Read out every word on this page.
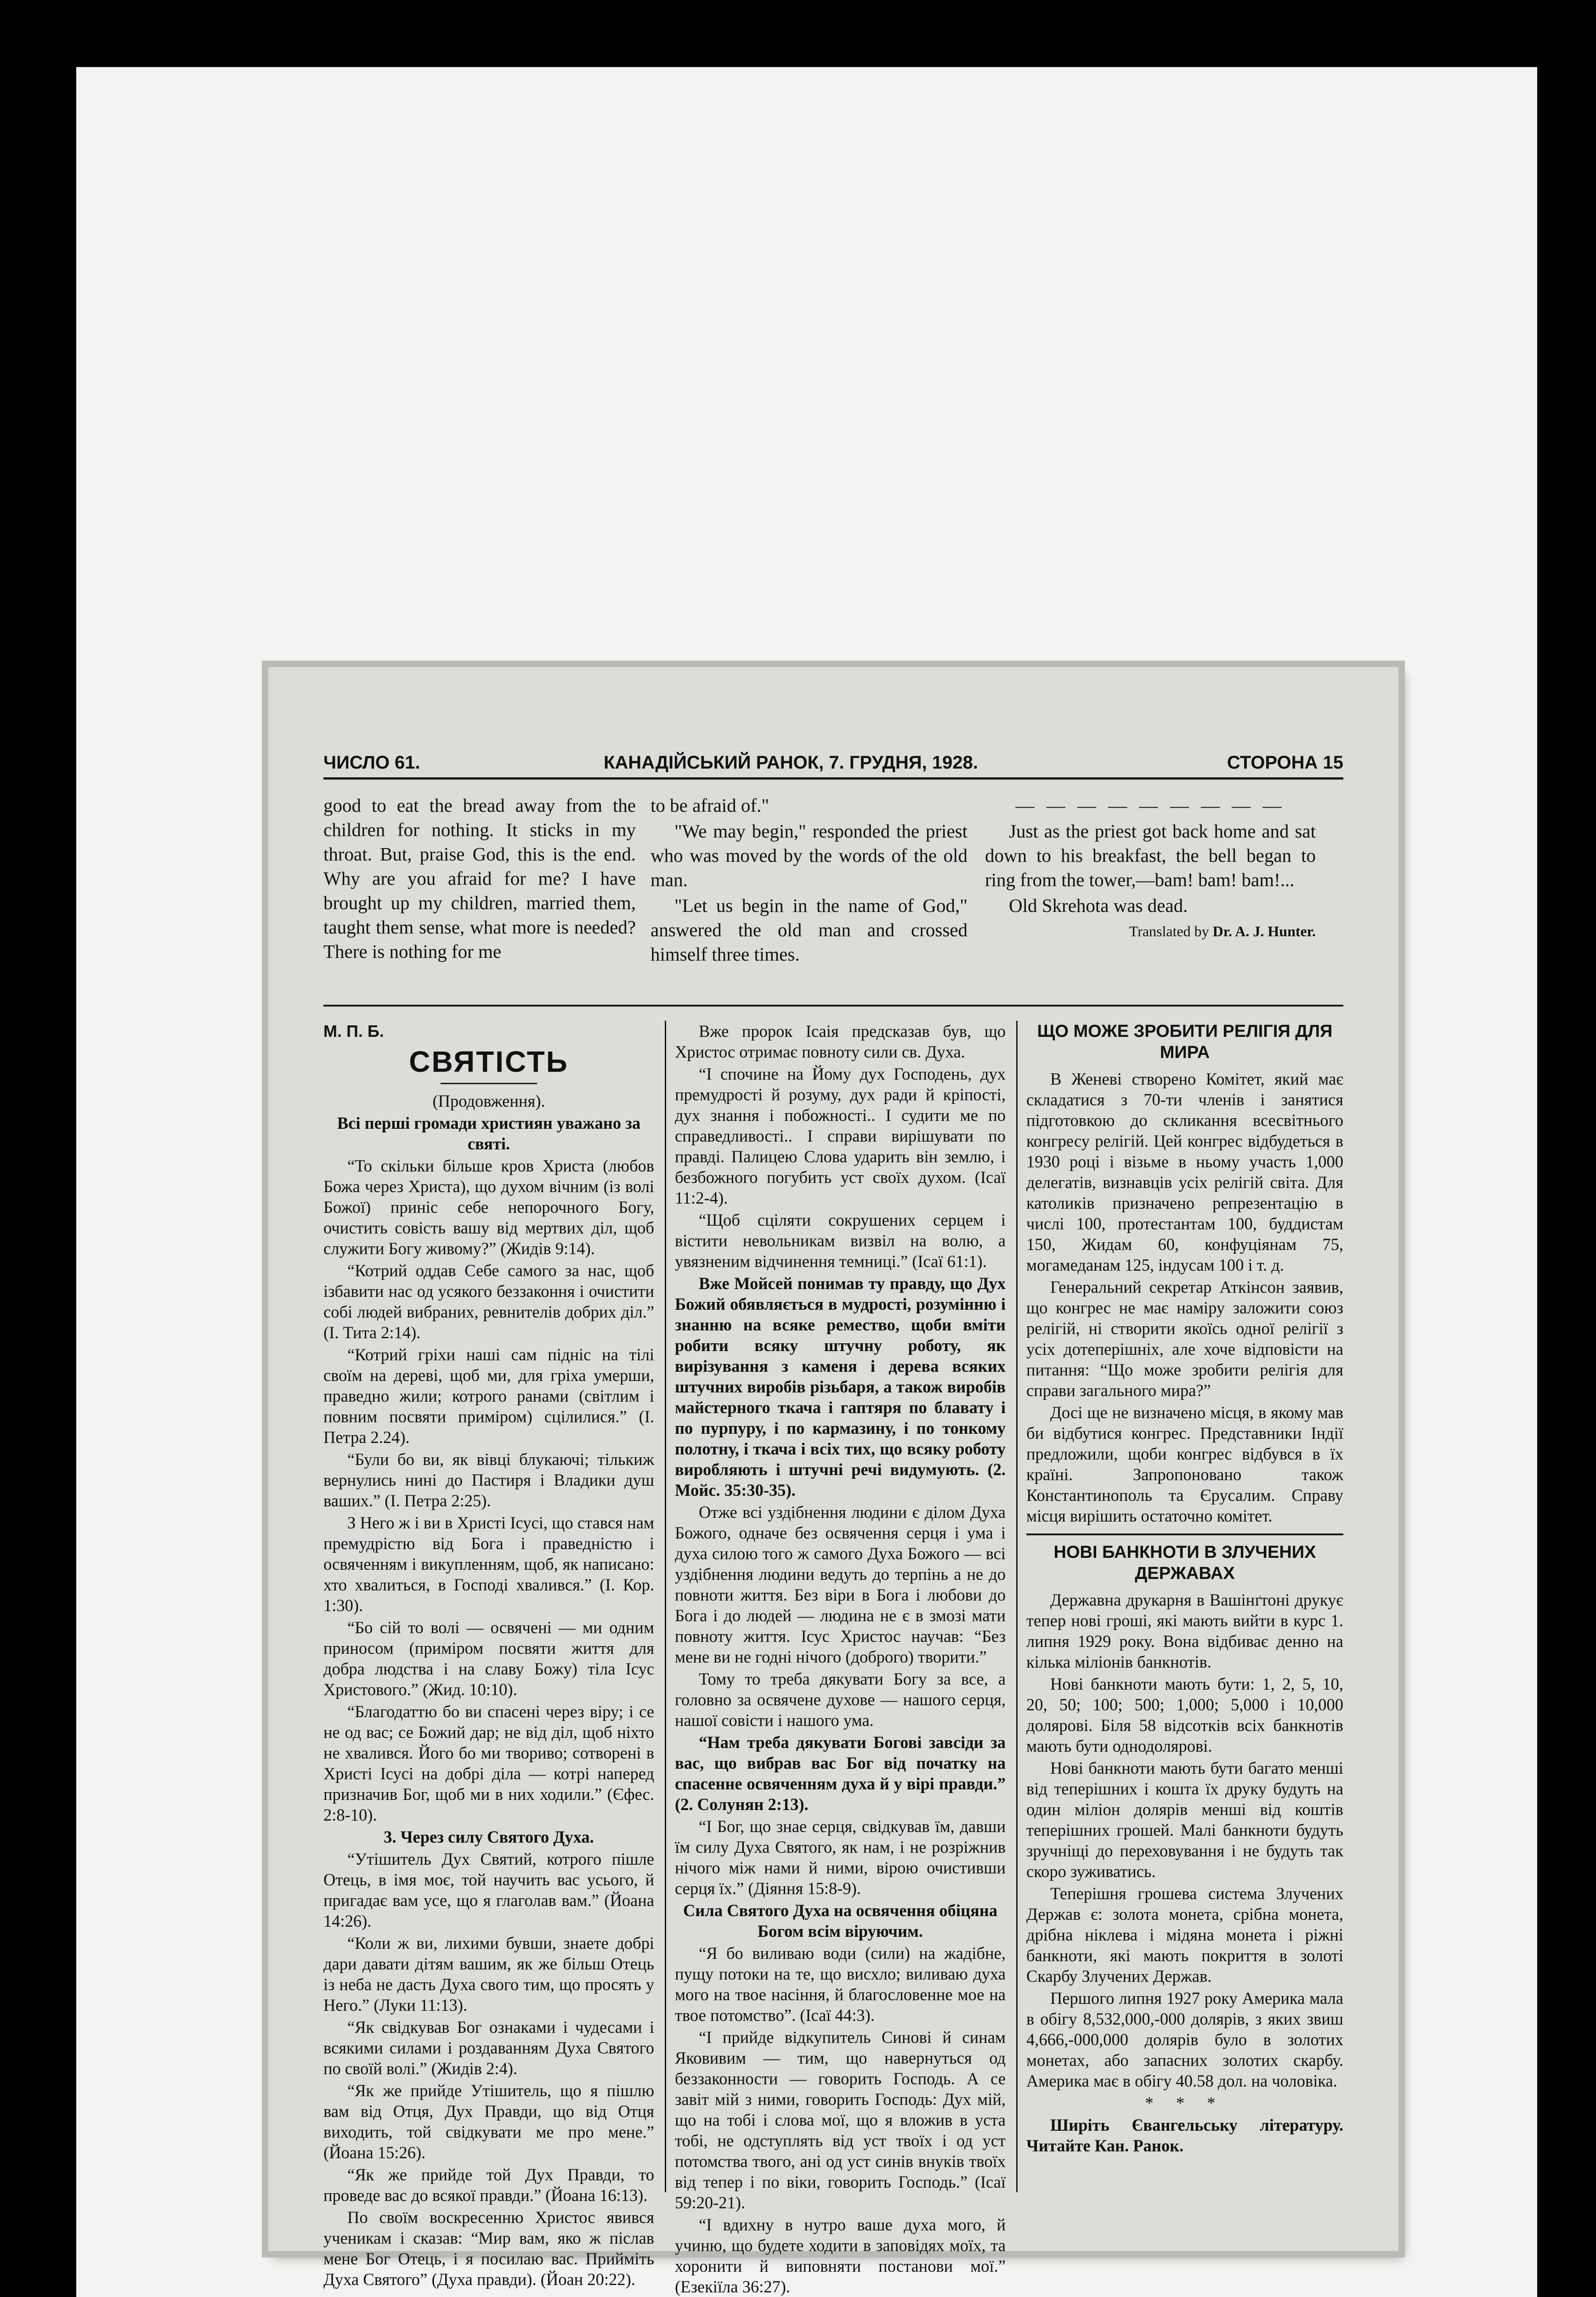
ЧИСЛО 61.	КАНАДІЙСЬКИЙ РАНОК, 7. ГРУДНЯ, 1928.	СТОРОНА 15

good to eat the bread away from the children for nothing. It sticks in my throat. But, praise God, this is the end. Why are you afraid for me? I have brought up my children, married them, taught them sense, what more is needed? There is nothing for me

to be afraid of."

"We may begin," responded the priest who was moved by the words of the old man.

"Let us begin in the name of God," answered the old man and crossed himself three times.

— — — — — — — — —

Just as the priest got back home and sat down to his breakfast, the bell began to ring from the tower,—bam! bam! bam!...

Old Skrehota was dead.

Translated by Dr. A. J. Hunter.

М. П. Б.
СВЯТІСТЬ

(Продовження).

Всі перші громади християн уважано за святі.

“То скільки більше кров Христа (любов Божа через Христа), що духом вічним (із волі Божої) приніс себе непорочного Богу, очистить совість вашу від мертвих діл, щоб служити Богу живому?” (Жидів 9:14).

“Котрий оддав Себе самого за нас, щоб ізбавити нас од усякого беззаконня і очистити собі людей вибраних, ревнителів добрих діл.” (I. Тита 2:14).

“Котрий гріхи наші сам підніс на тілі своїм на дереві, щоб ми, для гріха умерши, праведно жили; котрого ранами (світлим і повним посвяти приміром) сцілилися.” (I. Петра 2.24).

“Були бо ви, як вівці блукаючі; тількиж вернулись нині до Пастиря і Владики душ ваших.” (I. Петра 2:25).

З Него ж і ви в Христі Ісусі, що стався нам премудрістю від Бога і праведністю і освяченням і викупленням, щоб, як написано: хто хвалиться, в Господі хвалився.” (I. Кор. 1:30).

“Бо сій то волі — освячені — ми одним приносом (приміром посвяти життя для добра людства і на славу Божу) тіла Ісус Христового.” (Жид. 10:10).

“Благодаттю бо ви спасені через віру; і се не од вас; се Божий дар; не від діл, щоб ніхто не хвалився. Його бо ми твориво; сотворені в Христі Ісусі на добрі діла — котрі наперед призначив Бог, щоб ми в них ходили.” (Єфес. 2:8-10).

3. Через силу Святого Духа.

“Утішитель Дух Святий, котрого пішле Отець, в імя моє, той научить вас усього, й пригадає вам усе, що я глаголав вам.” (Йоана 14:26).

“Коли ж ви, лихими бувши, знаете добрі дари давати дітям вашим, як же більш Отець із неба не дасть Духа свого тим, що просять у Него.” (Луки 11:13).

“Як свідкував Бог ознаками і чудесами і всякими силами і роздаванням Духа Святого по своїй волі.” (Жидів 2:4).

“Як же прийде Утішитель, що я пішлю вам від Отця, Дух Правди, що від Отця виходить, той свідкувати ме про мене.” (Йоана 15:26).

“Як же прийде той Дух Правди, то проведе вас до всякої правди.” (Йоана 16:13).

По своїм воскресенню Христос явився ученикам і сказав: “Мир вам, яко ж післав мене Бог Отець, і я посилаю вас. Прийміть Духа Святого” (Духа правди). (Йоан 20:22).

Вже пророк Ісаія предсказав був, що Христос отримає повноту сили св. Духа.

“І спочине на Йому дух Господень, дух премудрості й розуму, дух ради й кріпості, дух знання і побожності.. І судити ме по справедливості.. І справи вирішувати по правді. Палицею Слова ударить він землю, і безбожного погубить уст своїх духом. (Ісаї 11:2-4).

“Щоб сціляти сокрушених серцем і вістити невольникам визвіл на волю, а увязненим відчинення темниці.” (Ісаї 61:1).

Вже Мойсей понимав ту правду, що Дух Божий обявляється в мудрості, розумінню і знанню на всяке ремество, щоби вміти робити всяку штучну роботу, як вирізування з каменя і дерева всяких штучних виробів різьбаря, а також виробів майстерного ткача і гаптяря по блавату і по пурпуру, і по кармазину, і по тонкому полотну, і ткача і всіх тих, що всяку роботу виробляють і штучні речі видумують. (2. Мойс. 35:30-35).

Отже всі уздібнення людини є ділом Духа Божого, одначе без освячення серця і ума і духа силою того ж самого Духа Божого — всі уздібнення людини ведуть до терпінь а не до повноти життя. Без віри в Бога і любови до Бога і до людей — людина не є в змозі мати повноту життя. Ісус Христос научав: “Без мене ви не годні нічого (доброго) творити.”

Тому то треба дякувати Богу за все, а головно за освячене духове — нашого серця, нашої совісти і нашого ума.

“Нам треба дякувати Богові завсіди за вас, що вибрав вас Бог від початку на спасенне освяченням духа й у вірі правди.” (2. Солунян 2:13).

“І Бог, що знае серця, свідкував їм, давши їм силу Духа Святого, як нам, і не розріжнив нічого між нами й ними, вірою очистивши серця їх.” (Діяння 15:8-9).

Сила Святого Духа на освячення обіцяна Богом всім віруючим.

“Я бо виливаю води (сили) на жадібне, пущу потоки на те, що висхло; виливаю духа мого на твое насіння, й благословенне мое на твое потомство”. (Ісаї 44:3).

“І прийде відкупитель Синові й синам Яковивим — тим, що навернуться од беззаконности — говорить Господь. А се завіт мій з ними, говорить Господь: Дух мій, що на тобі і слова мої, що я вложив в уста тобі, не одступлять від уст твоїх і од уст потомства твого, ані од уст синів внуків твоїх від тепер і по віки, говорить Господь.” (Ісаї 59:20-21).

“І вдихну в нутро ваше духа мого, й учиню, що будете ходити в заповідях моїх, та хоронити й виповняти постанови мої.” (Езекіїла 36:27).

ЩО МОЖЕ ЗРОБИТИ РЕЛІГІЯ ДЛЯ МИРА

В Женеві створено Комітет, який має складатися з 70-ти членів і занятися підготовкою до скликання всесвітнього конгресу релігій. Цей конгрес відбудеться в 1930 році і візьме в ньому участь 1,000 делегатів, визнавців усіх релігій світа. Для католиків призначено репрезентацію в числі 100, протестантам 100, буддистам 150, Жидам 60, конфуціянам 75, могамеданам 125, індусам 100 і т. д.

Генеральний секретар Аткінсон заявив, що конгрес не має наміру заложити союз релігій, ні створити якоїсь одної релігії з усіх дотеперішніх, але хоче відповісти на питання: “Що може зробити релігія для справи загального мира?”

Досі ще не визначено місця, в якому мав би відбутися конгрес. Представники Індії предложили, щоби конгрес відбувся в їх країні. Запропоновано також Константинополь та Єрусалим. Справу місця вирішить остаточно комітет.

НОВІ БАНКНОТИ В ЗЛУЧЕНИХ ДЕРЖАВАХ

Державна друкарня в Вашінґтоні друкує тепер нові гроші, які мають вийти в курс 1. липня 1929 року. Вона відбиває денно на кілька міліонів банкнотів.

Нові банкноти мають бути: 1, 2, 5, 10, 20, 50; 100; 500; 1,000; 5,000 і 10,000 долярові. Біля 58 відсотків всіх банкнотів мають бути однодолярові.

Нові банкноти мають бути багато менші від теперішних і кошта їх друку будуть на один міліон долярів менші від коштів теперішних грошей. Малі банкноти будуть зручніщі до переховування і не будуть так скоро зуживатись.

Теперішня грошева система Злучених Держав є: золота монета, срібна монета, дрібна ніклева і мідяна монета і ріжні банкноти, які мають покриття в золоті Скарбу Злучених Держав.

Першого липня 1927 року Америка мала в обігу 8,532,000,-000 долярів, з яких звиш 4,666,-000,000 долярів було в золотих монетах, або запасних золотих скарбу. Америка має в обігу 40.58 дол. на чоловіка.

* * *

Ширіть Євангельську літературу. Читайте Кан. Ранок.
